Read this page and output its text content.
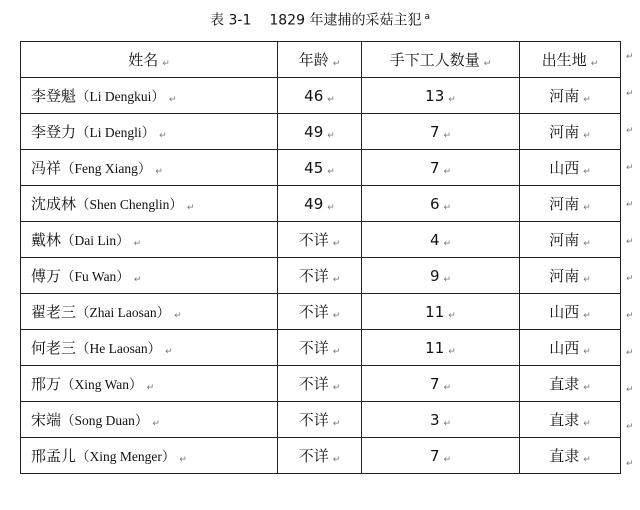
表 3-1 1829 年逮捕的采菇主犯 $^a$
姓名 ↵	年龄 ↵	手下工人数量 ↵	出生地 ↵
李登魁（Li Dengkui） ↵	46 ↵	13 ↵	河南 ↵
李登力（Li Dengli） ↵	49 ↵	7 ↵	河南 ↵
冯祥（Feng Xiang） ↵	45 ↵	7 ↵	山西 ↵
沈成林（Shen Chenglin） ↵	49 ↵	6 ↵	河南 ↵
戴林（Dai Lin） ↵	不详 ↵	4 ↵	河南 ↵
傅万（Fu Wan） ↵	不详 ↵	9 ↵	河南 ↵
翟老三（Zhai Laosan） ↵	不详 ↵	11 ↵	山西 ↵
何老三（He Laosan） ↵	不详 ↵	11 ↵	山西 ↵
邢万（Xing Wan） ↵	不详 ↵	7 ↵	直隶 ↵
宋端（Song Duan） ↵	不详 ↵	3 ↵	直隶 ↵
邢孟儿（Xing Menger） ↵	不详 ↵	7 ↵	直隶 ↵
↵
↵
↵
↵
↵
↵
↵
↵
↵
↵
↵
↵
